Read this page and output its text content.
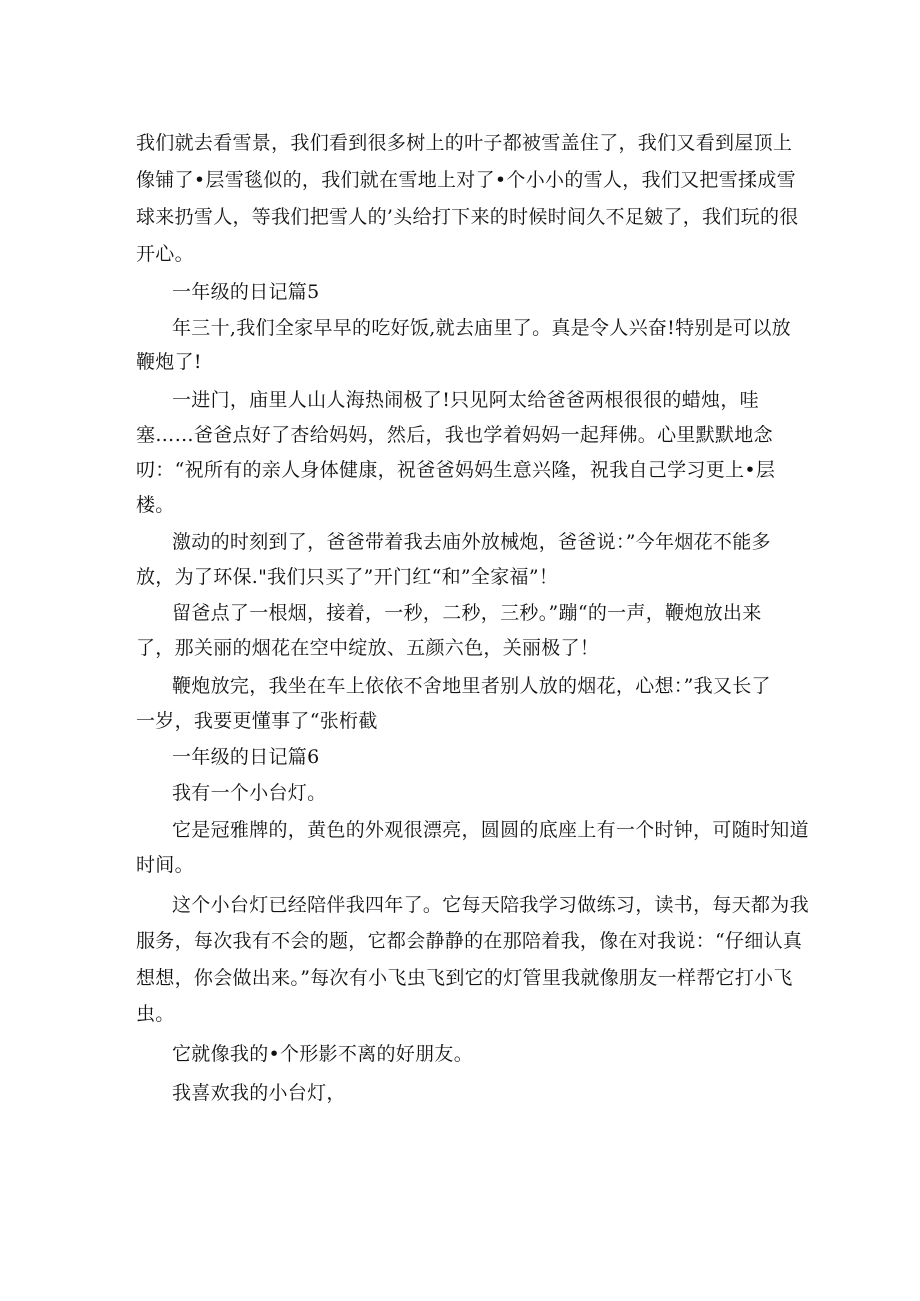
我们就去看雪景，我们看到很多树上的叶子都被雪盖住了，我们又看到屋顶上
像铺了•层雪毯似的，我们就在雪地上对了•个小小的雪人，我们又把雪揉成雪
球来扔雪人，等我们把雪人的’头给打下来的时候时间久不足皴了，我们玩的很
开心。
一年级的日记篇5
年三十,我们全家早早的吃好饭,就去庙里了。真是令人兴奋!特别是可以放
鞭炮了!
一进门，庙里人山人海热闹极了!只见阿太给爸爸两根很很的蜡烛，哇
塞……爸爸点好了杏给妈妈，然后，我也学着妈妈一起拜佛。心里默默地念
叨：“祝所有的亲人身体健康，祝爸爸妈妈生意兴隆，祝我自己学习更上•层
楼。
激动的时刻到了，爸爸带着我去庙外放械炮，爸爸说：”今年烟花不能多
放，为了环保."我们只买了”开门红“和”全家福”！
留爸点了一根烟，接着，一秒，二秒，三秒。”蹦“的一声，鞭炮放出来
了，那关丽的烟花在空中绽放、五颜六色，关丽极了！
鞭炮放完，我坐在车上依依不舍地里者别人放的烟花，心想：”我又长了
一岁，我要更懂事了“张桁截
一年级的日记篇6
我有一个小台灯。
它是冠雅牌的，黄色的外观很漂亮，圆圆的底座上有一个时钟，可随时知道
时间。
这个小台灯已经陪伴我四年了。它每天陪我学习做练习，读书，每天都为我
服务，每次我有不会的题，它都会静静的在那陪着我，像在对我说：“仔细认真
想想，你会做出来。”每次有小飞虫飞到它的灯管里我就像朋友一样帮它打小飞
虫。
它就像我的•个形影不离的好朋友。
我喜欢我的小台灯，
